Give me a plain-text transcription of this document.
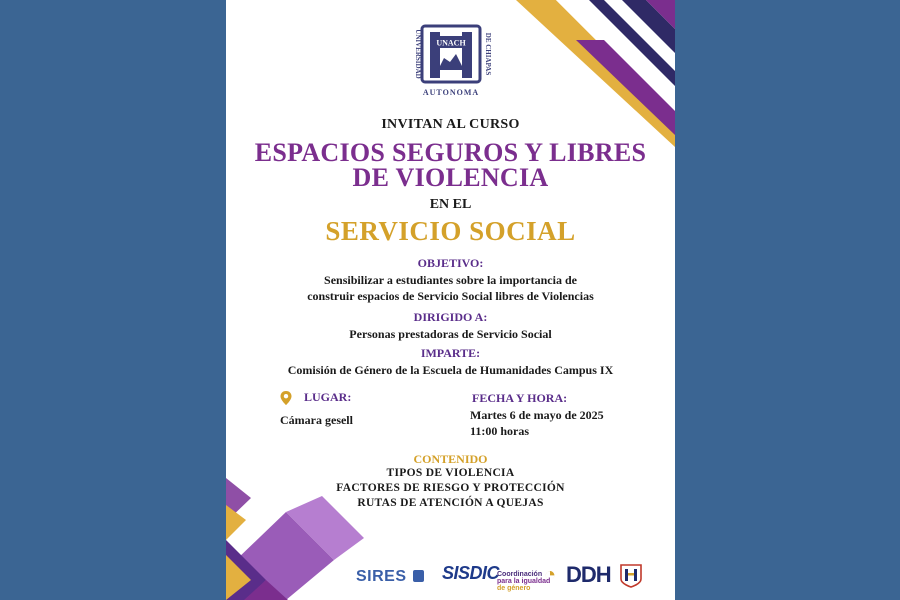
UNACH
UNIVERSIDAD	DE CHIAPAS
AUTONOMA
INVITAN AL CURSO
ESPACIOS SEGUROS Y LIBRES
DE VIOLENCIA
EN EL
SERVICIO SOCIAL
OBJETIVO:
Sensibilizar a estudiantes sobre la importancia de
construir espacios de Servicio Social libres de Violencias
DIRIGIDO A:
Personas prestadoras de Servicio Social
IMPARTE:
Comisión de Género de la Escuela de Humanidades Campus IX
LUGAR:
Cámara gesell
FECHA Y HORA:
Martes 6 de mayo de 2025
11:00 horas
CONTENIDO
TIPOS DE VIOLENCIA
FACTORES DE RIESGO Y PROTECCIÓN
RUTAS DE ATENCIÓN A QUEJAS
SIRES	SISDIC
Coordinación
para la igualdad
de género
◔ DDH
